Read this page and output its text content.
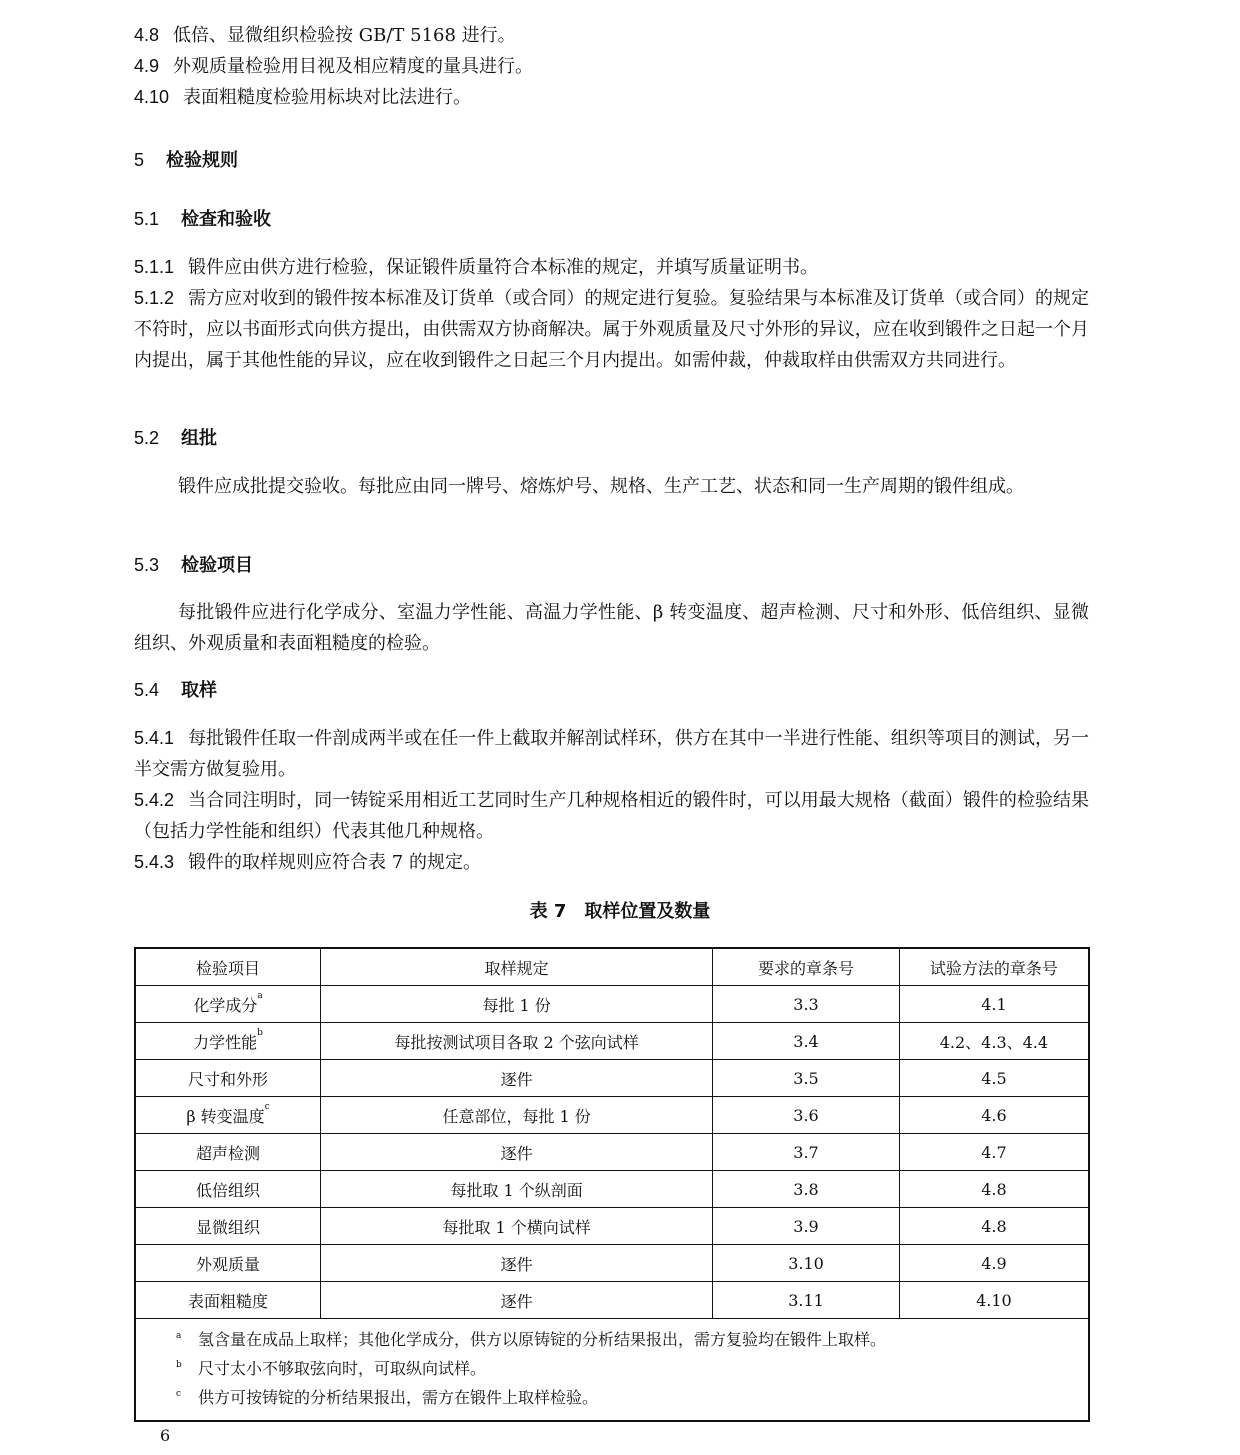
4.8 低倍、显微组织检验按 GB/T 5168 进行。
4.9 外观质量检验用目视及相应精度的量具进行。
4.10 表面粗糙度检验用标块对比法进行。
5 检验规则
5.1 检查和验收
5.1.1 锻件应由供方进行检验，保证锻件质量符合本标准的规定，并填写质量证明书。
5.1.2 需方应对收到的锻件按本标准及订货单（或合同）的规定进行复验。复验结果与本标准及订货单（或合同）的规定不符时，应以书面形式向供方提出，由供需双方协商解决。属于外观质量及尺寸外形的异议，应在收到锻件之日起一个月内提出，属于其他性能的异议，应在收到锻件之日起三个月内提出。如需仲裁，仲裁取样由供需双方共同进行。
5.2 组批
锻件应成批提交验收。每批应由同一牌号、熔炼炉号、规格、生产工艺、状态和同一生产周期的锻件组成。
5.3 检验项目
每批锻件应进行化学成分、室温力学性能、高温力学性能、β 转变温度、超声检测、尺寸和外形、低倍组织、显微组织、外观质量和表面粗糙度的检验。
5.4 取样
5.4.1 每批锻件任取一件剖成两半或在任一件上截取并解剖试样环，供方在其中一半进行性能、组织等项目的测试，另一半交需方做复验用。
5.4.2 当合同注明时，同一铸锭采用相近工艺同时生产几种规格相近的锻件时，可以用最大规格（截面）锻件的检验结果（包括力学性能和组织）代表其他几种规格。
5.4.3 锻件的取样规则应符合表 7 的规定。
表 7　取样位置及数量
检验项目	取样规定	要求的章条号	试验方法的章条号
化学成分$^a$	每批 1 份	3.3	4.1
力学性能$^b$	每批按测试项目各取 2 个弦向试样	3.4	4.2、4.3、4.4
尺寸和外形	逐件	3.5	4.5
β 转变温度$^c$	任意部位，每批 1 份	3.6	4.6
超声检测	逐件	3.7	4.7
低倍组织	每批取 1 个纵剖面	3.8	4.8
显微组织	每批取 1 个横向试样	3.9	4.8
外观质量	逐件	3.10	4.9
表面粗糙度	逐件	3.11	4.10

a 氢含量在成品上取样；其他化学成分，供方以原铸锭的分析结果报出，需方复验均在锻件上取样。
b 尺寸太小不够取弦向时，可取纵向试样。
c 供方可按铸锭的分析结果报出，需方在锻件上取样检验。			
6
